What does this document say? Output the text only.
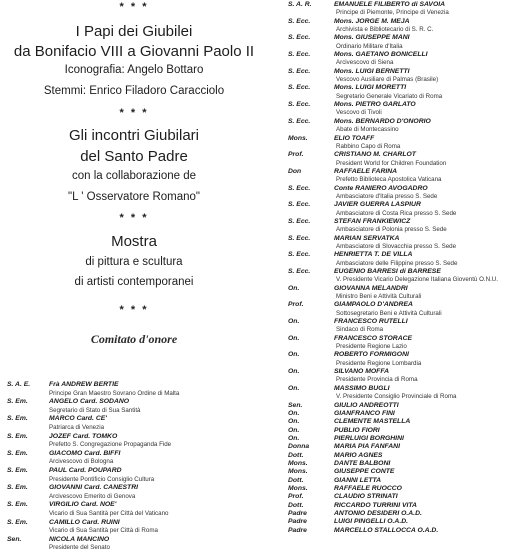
* * *
I Papi dei Giubilei
da Bonifacio VIII a Giovanni Paolo II
Iconografia: Angelo Bottaro
Stemmi: Enrico Filadoro Caracciolo
* * *
Gli incontri Giubilari
del Santo Padre
con la collaborazione de
"L ' Osservatore Romano"
* * *
Mostra
di pittura e scultura
di artisti contemporanei
* * *
Comitato d'onore
S. A. E.	Frà ANDREW BERTIE
Principe Gran Maestro Sovrano Ordine di Malta
S. Em.	ANGELO Card. SODANO
Segretario di Stato di Sua Santità
S. Em.	MARCO Card. CE'
Patriarca di Venezia
S. Em.	JOZEF Card. TOMKO
Prefetto S. Congregazione Propaganda Fide
S. Em.	GIACOMO Card. BIFFI
Arcivescovo di Bologna
S. Em.	PAUL Card. POUPARD
Presidente Pontificio Consiglio Cultura
S. Em.	GIOVANNI Card. CANESTRI
Arcivescovo Emerito di Genova
S. Em.	VIRGILIO Card. NOE'
Vicario di Sua Santità per Città del Vaticano
S. Em.	CAMILLO Card. RUINI
Vicario di Sua Santità per Città di Roma
Sen.	NICOLA MANCINO
Presidente del Senato
S. A. R.	EMANUELE FILIBERTO di SAVOIA
Principe di Piemonte, Principe di Venezia
S. Ecc.	Mons. JORGE M. MEJA
Archivista e Bibliotecario di S. R. C.
S. Ecc.	Mons. GIUSEPPE MANI
Ordinario Militare d'Italia
S. Ecc.	Mons. GAETANO BONICELLI
Arcivescovo di Siena
S. Ecc.	Mons. LUIGI BERNETTI
Vescovo Ausiliare di Palmas (Brasile)
S. Ecc.	Mons. LUIGI MORETTI
Segretario Generale Vicariato di Roma
S. Ecc.	Mons. PIETRO GARLATO
Vescovo di Tivoli
S. Ecc.	Mons. BERNARDO D'ONORIO
Abate di Montecassino
Mons.	ELIO TOAFF
Rabbino Capo di Roma
Prof.	CRISTIANO M. CHARLOT
President World for Children Foundation
Don	RAFFAELE FARINA
Prefetto Biblioteca Apostolica Vaticana
S. Ecc.	Conte RANIERO AVOGADRO
Ambasciatore d'Italia presso S. Sede
S. Ecc.	JAVIER GUERRA LASPIUR
Ambasciatore di Costa Rica presso S. Sede
S. Ecc.	STEFAN FRANKIEWICZ
Ambasciatore di Polonia presso S. Sede
S. Ecc.	MARIAN SERVATKA
Ambasciatore di Slovacchia presso S. Sede
S. Ecc.	HENRIETTA T. DE VILLA
Ambasciatore delle Filippine presso S. Sede
S. Ecc.	EUGENIO BARRESI di BARRESE
V. Presidente Vicario Delegazione Italiana Gioventù O.N.U.
On.	GIOVANNA MELANDRI
Ministro Beni e Attività Culturali
Prof.	GIAMPAOLO D'ANDREA
Sottosegretario Beni e Attività Culturali
On.	FRANCESCO RUTELLI
Sindaco di Roma
On.	FRANCESCO STORACE
Presidente Regione Lazio
On.	ROBERTO FORMIGONI
Presidente Regione Lombardia
On.	SILVANO MOFFA
Presidente Provincia di Roma
On.	MASSIMO BUGLI
V. Presidente Consiglio Provinciale di Roma
Sen.	GIULIO ANDREOTTI
On.	GIANFRANCO FINI
On.	CLEMENTE MASTELLA
On.	PUBLIO FIORI
On.	PIERLUIGI BORGHINI
Donna	MARIA PIA FANFANI
Dott.	MARIO AGNES
Mons.	DANTE BALBONI
Mons.	GIUSEPPE CONTE
Dott.	GIANNI LETTA
Mons.	RAFFAELE RUOCCO
Prof.	CLAUDIO STRINATI
Dott.	RICCARDO TURRINI VITA
Padre	ANTONIO DESIDERI O.A.D.
Padre	LUIGI PINGELLI O.A.D.
Padre	MARCELLO STALLOCCA O.A.D.
